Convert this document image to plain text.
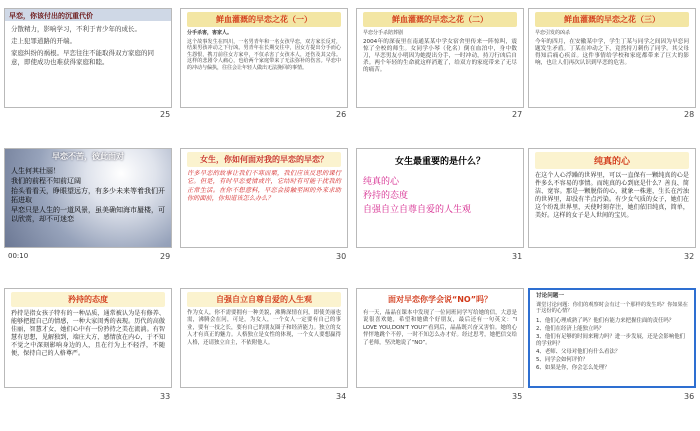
早恋，你该付出的沉重代价
分散精力，影响学习，不利于青少年的成长。
走上犯罪道路的开端。
家庭纠纷的祸根。早恋往往不能取得双方家庭的同意，即使成功也难获得家庭和睦。
25
鲜血灌溉的早恋之花（一）
分手杀害，害家人。
这个故事发生在四川，一名男青年和一名女孩早恋，双方家长反对，结果男孩冲动之下行凶。男青年在长期交往中，因女方提出分手而心生怨恨，携刀前往女方家中，不仅杀害了女孩本人，还伤及其父母。这样的悲剧令人痛心，也给两个家庭带来了无法弥补的伤害。早恋中的冲动与偏执，往往会让年轻人做出无法挽回的事情。
26
鲜血灌溉的早恋之花（二）
早恋分手杀陪葬剧
2004年的深夜里在南通某某中学女宿舍里传来一阵惊叫，震惊了全校的师生。女同学小琴（化名）倒在血泊中，身中数刀，早恋男友小明因为她提出分手，一时冲动，持刀行凶后自杀。两个年轻的生命就这样消逝了，给双方的家庭带来了无尽的痛苦。
27
鲜血灌溉的早恋之花（三）
早恋引发的凶杀
今年的四月，在安徽某中学，学生丁某与同学之间因为早恋问题发生矛盾。丁某在冲动之下，竟然持刀刺伤了同学。其父母得知后痛心疾首。这件事情给学校和家庭都带来了巨大的影响，也让人们再次认识到早恋的危害。
28
早恋不苦，彼此面对
人生何其壮丽！
我们的前程不知前辽阔
抬头看看天，睁眼望远方，有多少未来等着我们开拓进取
早恋只是人生的一道风景，虽美确知海市蜃楼，可以欣赏，却不可迷恋
00:10	29
女生，你如何面对我的早恋的早恋？
许多早恋的故事让我们不寒而栗，我们应该反思的课行它。但是，有时早恋爱情或许，它结时有可能干扰我的正常生活。在你不想意料，早恋会接触至困的外来求助你的面前，你知道该怎么办么？
30
女生最重要的是什么？
纯真的心
矜持的态度
自强自立自尊自爱的人生观
31
纯真的心
在这个人心浮躁的世界里，可以一直保有一颗纯真的心是件多么不容易的事情。而纯真的心到底是什么？善良、简洁、宽容。那是一颗脱俗的心，就象一株莲，生长在污浊的世界里，却没有半点污染。有少女气质的女子，她们在这个纷乱世界里，天使时刻存注，她们依旧纯真，简单，美好。这样的女子是人世间的宝贝。
32
矜持的态度
矜持是指女孩子特有的一种品质，通常被认为是有修养、能够把握自己的情感，一种大家闺秀的表现。历代的高傲佳丽，智慧才女，她们心中有一份矜持之美在流淌。有智慧有思想，见解独到，端庄大方，感情放在内心，于不知不觉之中深刻影响身边的人，且在行为上不轻浮，不随便，保持自己的人格尊严。
33
自强自立自尊自爱的人生观
作为女人，你不需要拥有一种美貌，沸腾深情在问，即使美丽也需，沸腾会在问，可是，为女人，一个女人一定要有自己的事业，要有一技之长，要有自己的朋友圈子和经济能力。独立的女人才有真正的魅力。人格独立是女性的体现，一个女人要想赢得人格，还请独立自主，不依附他人。
34
面对早恋你学会说“NO”吗？
有一天，晶晶在课本中发现了一位同班同学写给她的信，大意是说很喜欢她，希望和她做个好朋友，最后还有一句英文：“I LOVE YOU,DON'T YOU?”看到后，晶晶既兴奋又害怕。她的心怦怦地跳个不停，一时不知怎么办才好。经过思考，她把信交给了老师，坚决地说了“NO”。
35
讨论问题一
课堂讨论问题：你们的观察时会有过一个那样的发生吗？你如果在于这份的心情？
1、他们心理成熟了吗？他们有能力来把握住面的责任吗？
2、他们在经济上能独立吗？
3、他们有足够的时间来精力吗？进一步发展，还是会影响他们的学业吗？
4、老师、父母对他们有什么看法？
5、同学会如何评价？
6、如果是你，你会怎么处理？
36
